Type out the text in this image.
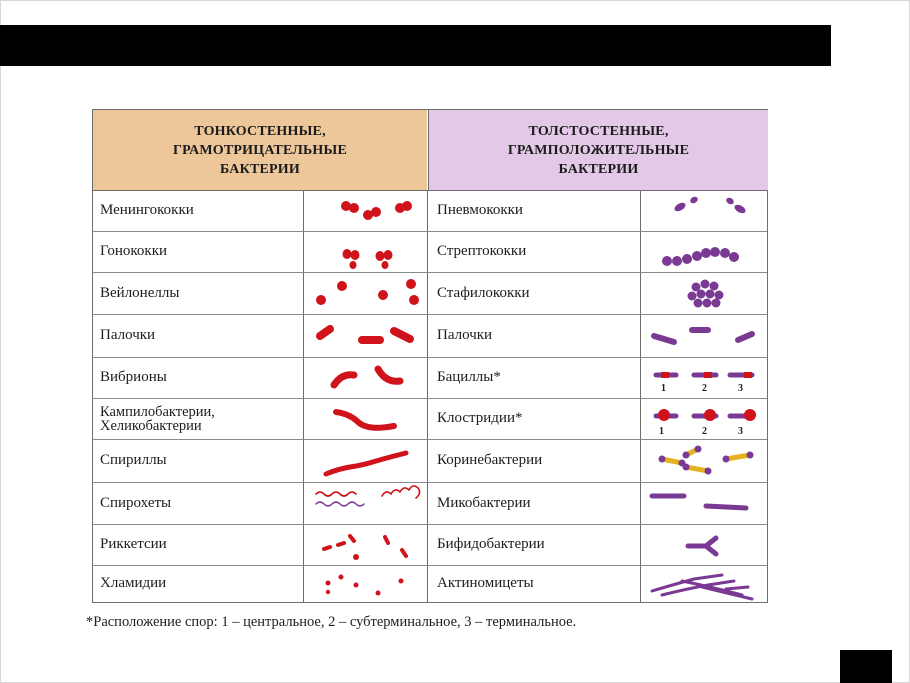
ТОНКОСТЕННЫЕ,
ГРАМОТРИЦАТЕЛЬНЫЕ
БАКТЕРИИ
ТОЛСТОСТЕННЫЕ,
ГРАМПОЛОЖИТЕЛЬНЫЕ
БАКТЕРИИ
Менингококки	Пневмококки
Гонококки	Стрептококки
Вейлонеллы	Стафилококки
Палочки	Палочки
Вибрионы	Бациллы*
1	2	3
Кампилобактерии,
Хеликобактерии	Клостридии*
1	2	3
Спириллы	Коринебактерии
Спирохеты	Микобактерии
Риккетсии	Бифидобактерии
Хламидии	Актиномицеты
*Расположение спор: 1 – центральное, 2 – субтерминальное, 3 – терминальное.
